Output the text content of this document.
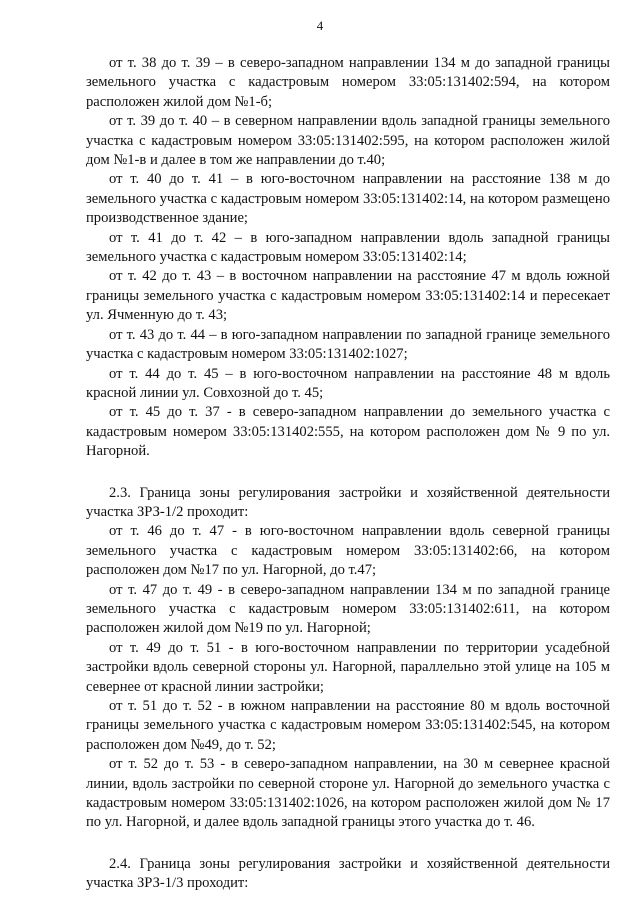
4

от т. 38 до т. 39 – в северо-западном направлении 134 м до западной границы земельного участка с кадастровым номером 33:05:131402:594, на котором расположен жилой дом №1-б;

от т. 39 до т. 40 – в северном направлении вдоль западной границы земельного участка с кадастровым номером 33:05:131402:595, на котором расположен жилой дом №1-в и далее в том же направлении до т.40;

от т. 40 до т. 41 – в юго-восточном направлении на расстояние 138 м до земельного участка с кадастровым номером 33:05:131402:14, на котором размещено производственное здание;

от т. 41 до т. 42 – в юго-западном направлении вдоль западной границы земельного участка с кадастровым номером 33:05:131402:14;

от т. 42 до т. 43 – в восточном направлении на расстояние 47 м вдоль южной границы земельного участка с кадастровым номером 33:05:131402:14 и пересекает ул. Ячменную до т. 43;

от т. 43 до т. 44 – в юго-западном направлении по западной границе земельного участка с кадастровым номером 33:05:131402:1027;

от т. 44 до т. 45 – в юго-восточном направлении на расстояние 48 м вдоль красной линии ул. Совхозной до т. 45;

от т. 45 до т. 37 - в северо-западном направлении до земельного участка с кадастровым номером 33:05:131402:555, на котором расположен дом № 9 по ул. Нагорной.

2.3. Граница зоны регулирования застройки и хозяйственной деятельности участка ЗРЗ-1/2 проходит:

от т. 46 до т. 47 - в юго-восточном направлении вдоль северной границы земельного участка с кадастровым номером 33:05:131402:66, на котором расположен дом №17 по ул. Нагорной, до т.47;

от т. 47 до т. 49 - в северо-западном направлении 134 м по западной границе земельного участка с кадастровым номером 33:05:131402:611, на котором расположен жилой дом №19 по ул. Нагорной;

от т. 49 до т. 51 - в юго-восточном направлении по территории усадебной застройки вдоль северной стороны ул. Нагорной, параллельно этой улице на 105 м севернее от красной линии застройки;

от т. 51 до т. 52 - в южном направлении на расстояние 80 м вдоль восточной границы земельного участка с кадастровым номером 33:05:131402:545, на котором расположен дом №49, до т. 52;

от т. 52 до т. 53 - в северо-западном направлении, на 30 м севернее красной линии, вдоль застройки по северной стороне ул. Нагорной до земельного участка с кадастровым номером 33:05:131402:1026, на котором расположен жилой дом № 17 по ул. Нагорной, и далее вдоль западной границы этого участка до т. 46.

2.4. Граница зоны регулирования застройки и хозяйственной деятельности участка ЗРЗ-1/3 проходит:
